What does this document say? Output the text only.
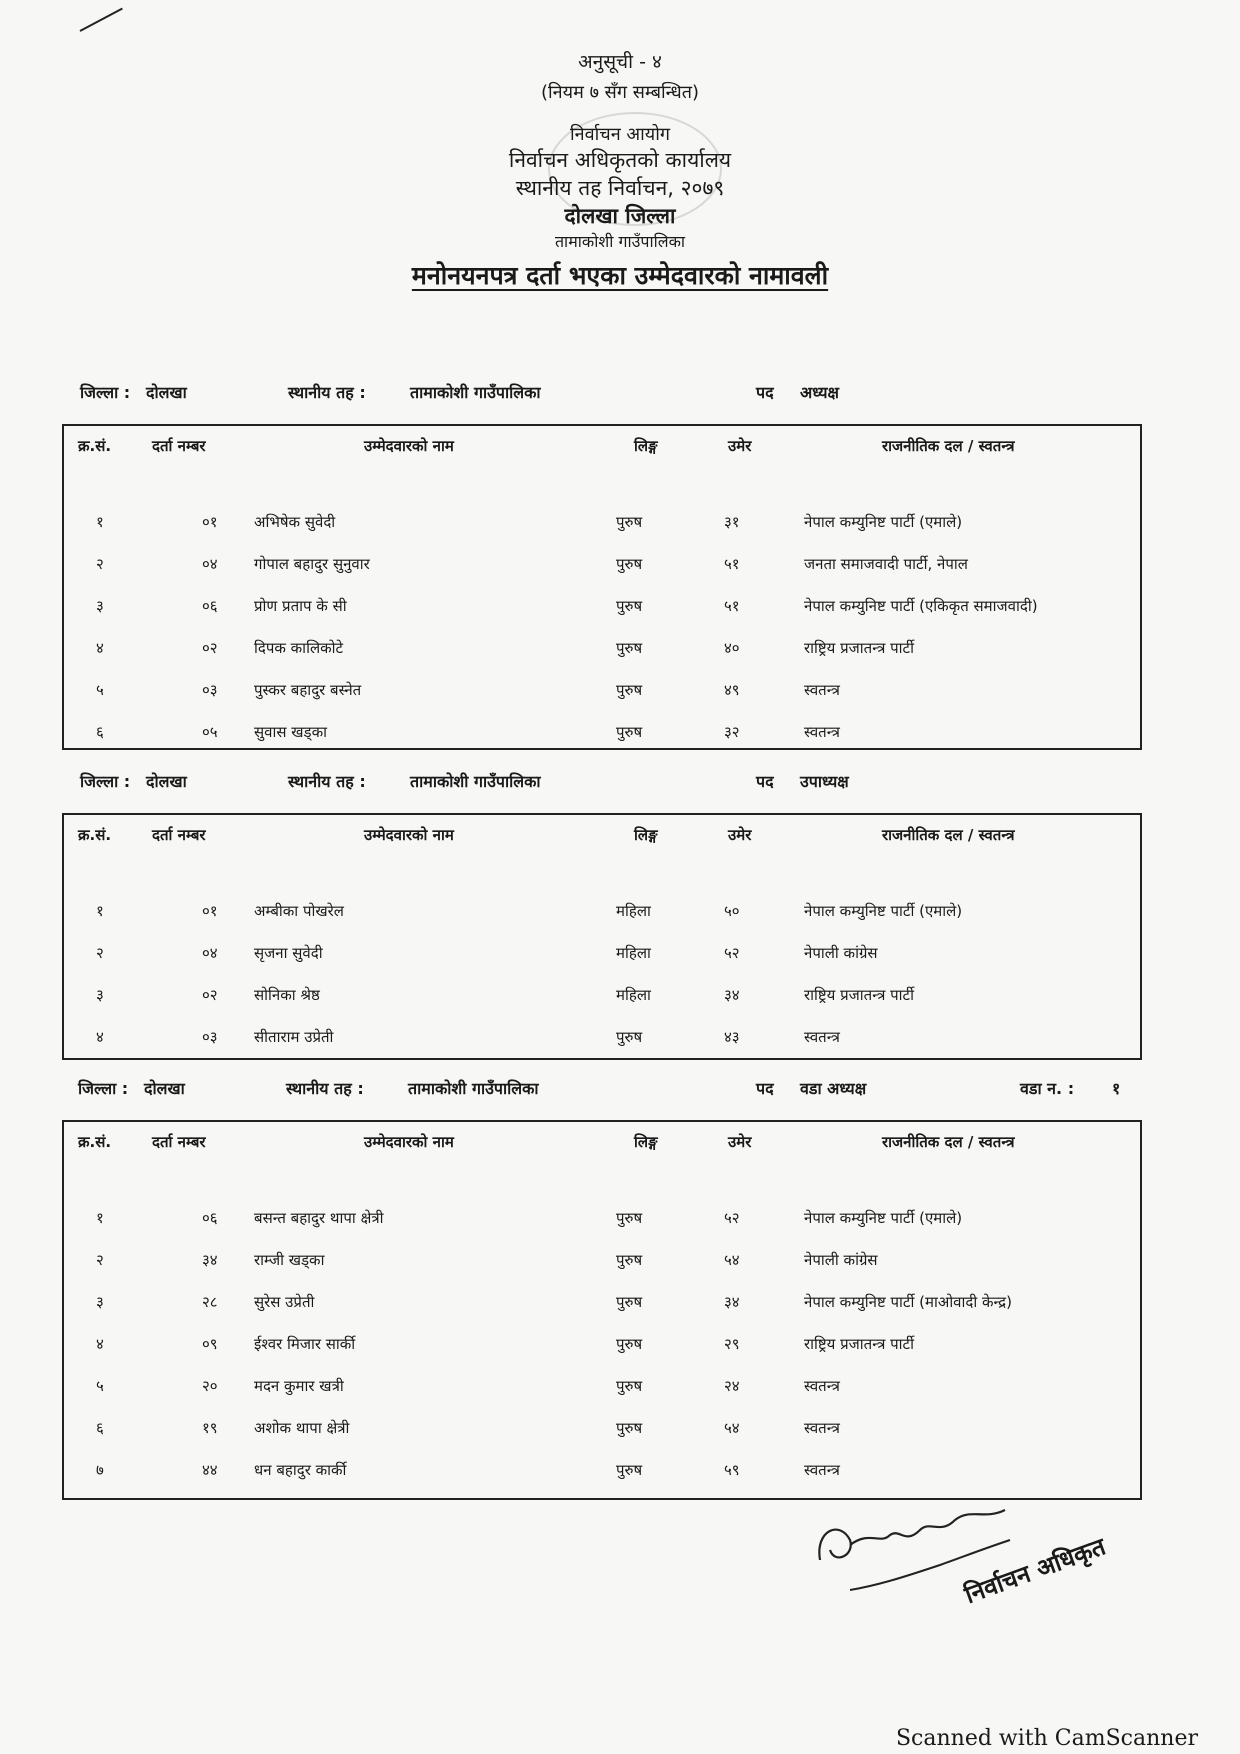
अनुसूची - ४
(नियम ७ सँग सम्बन्धित)
निर्वाचन आयोग
निर्वाचन अधिकृतको कार्यालय
स्थानीय तह निर्वाचन, २०७९
दोलखा जिल्ला
तामाकोशी गाउँपालिका
मनोनयनपत्र दर्ता भएका उम्मेदवारको नामावली
जिल्ला : दोलखा	स्थानीय तह :	तामाकोशी गाउँपालिका	पद अध्यक्ष
क्र.सं.	दर्ता नम्बर	उम्मेदवारको नाम	लिङ्ग	उमेर	राजनीतिक दल / स्वतन्त्र
१	०१ अभिषेक सुवेदी	पुरुष	३१	नेपाल कम्युनिष्ट पार्टी (एमाले)
२	०४ गोपाल बहादुर सुनुवार	पुरुष	५१	जनता समाजवादी पार्टी, नेपाल
३	०६ प्रोण प्रताप के सी	पुरुष	५१	नेपाल कम्युनिष्ट पार्टी (एकिकृत समाजवादी)
४	०२ दिपक कालिकोटे	पुरुष	४०	राष्ट्रिय प्रजातन्त्र पार्टी
५	०३ पुस्कर बहादुर बस्नेत	पुरुष	४९	स्वतन्त्र
६	०५ सुवास खड्का	पुरुष	३२	स्वतन्त्र
जिल्ला : दोलखा	स्थानीय तह :	तामाकोशी गाउँपालिका	पद उपाध्यक्ष
क्र.सं.	दर्ता नम्बर	उम्मेदवारको नाम	लिङ्ग	उमेर	राजनीतिक दल / स्वतन्त्र
१	०१ अम्बीका पोखरेल	महिला	५०	नेपाल कम्युनिष्ट पार्टी (एमाले)
२	०४ सृजना सुवेदी	महिला	५२	नेपाली कांग्रेस
३	०२ सोनिका श्रेष्ठ	महिला	३४	राष्ट्रिय प्रजातन्त्र पार्टी
४	०३ सीताराम उप्रेती	पुरुष	४३	स्वतन्त्र
जिल्ला : दोलखा	स्थानीय तह :	तामाकोशी गाउँपालिका	पद वडा अध्यक्ष	वडा न. : १
क्र.सं.	दर्ता नम्बर	उम्मेदवारको नाम	लिङ्ग	उमेर	राजनीतिक दल / स्वतन्त्र
१	०६ बसन्त बहादुर थापा क्षेत्री	पुरुष	५२	नेपाल कम्युनिष्ट पार्टी (एमाले)
२	३४ राम्जी खड्का	पुरुष	५४	नेपाली कांग्रेस
३	२८ सुरेस उप्रेती	पुरुष	३४	नेपाल कम्युनिष्ट पार्टी (माओवादी केन्द्र)
४	०९ ईश्वर मिजार सार्की	पुरुष	२९	राष्ट्रिय प्रजातन्त्र पार्टी
५	२० मदन कुमार खत्री	पुरुष	२४	स्वतन्त्र
६	१९ अशोक थापा क्षेत्री	पुरुष	५४	स्वतन्त्र
७	४४ धन बहादुर कार्की	पुरुष	५९	स्वतन्त्र
निर्वाचन अधिकृत
Scanned with CamScanner
